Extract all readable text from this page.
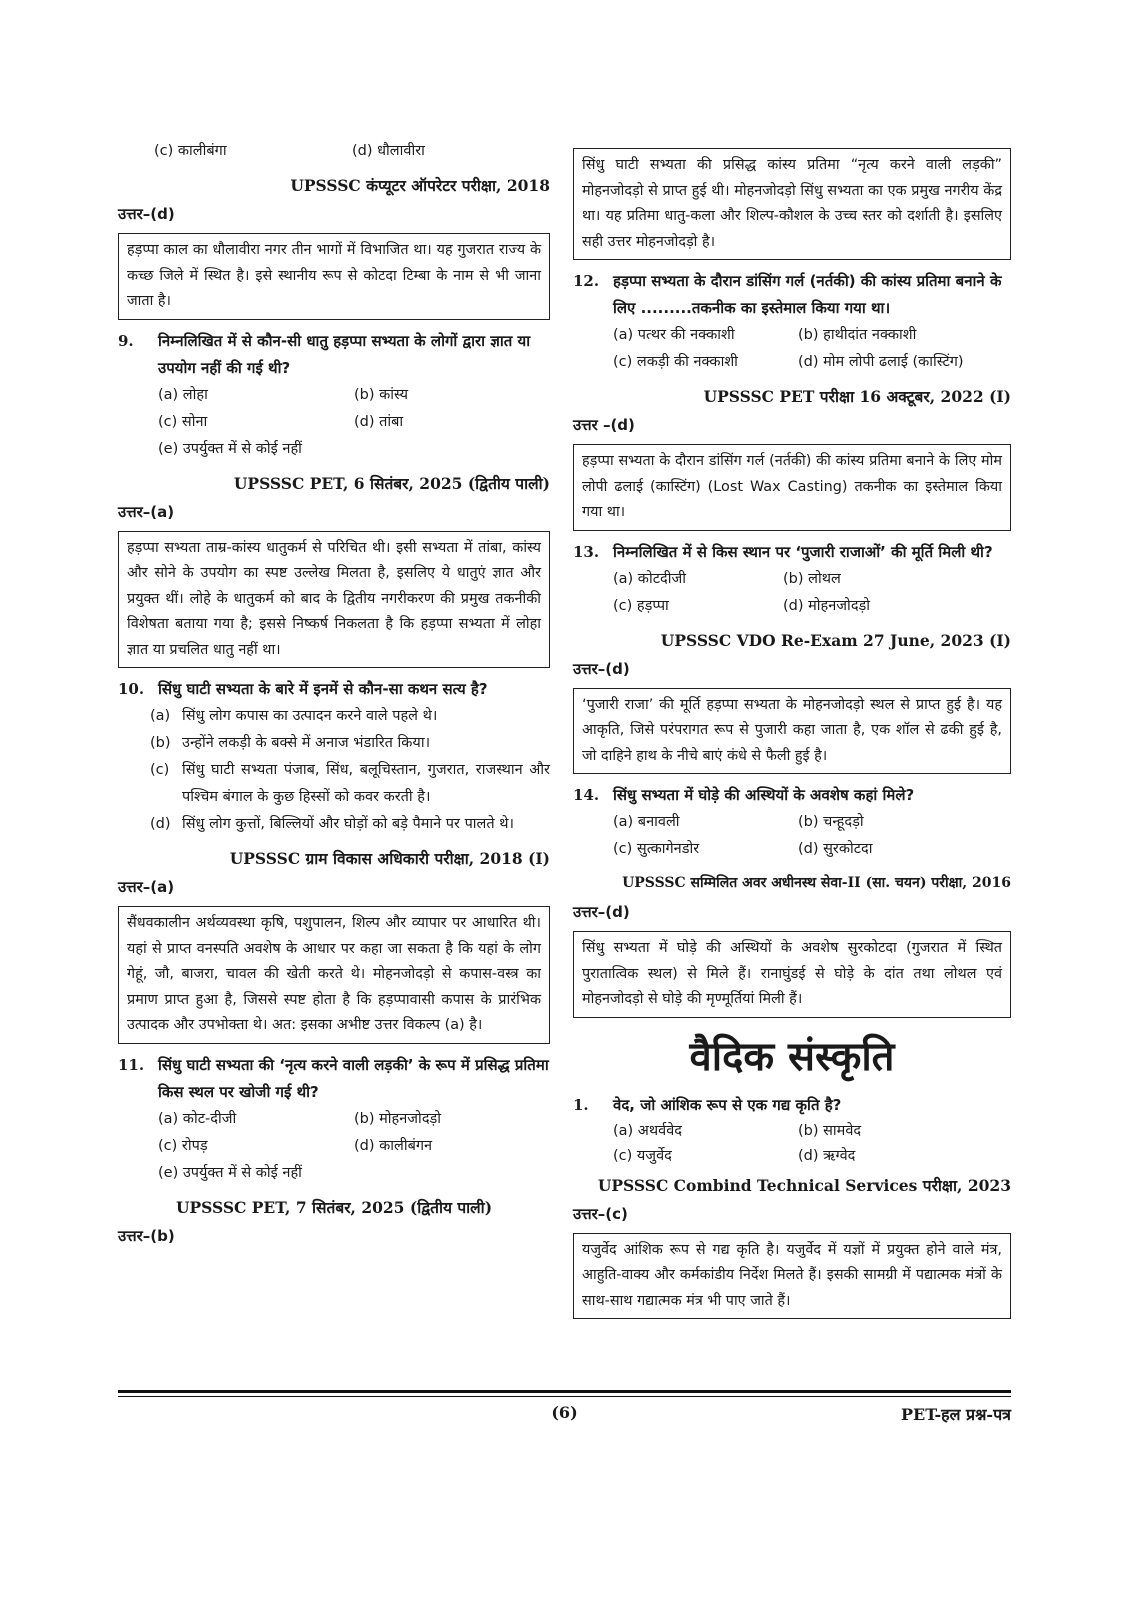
(c) कालीबंगा	(d) धौलावीरा
UPSSSC कंप्यूटर ऑपरेटर परीक्षा, 2018
उत्तर–(d)
हड़प्पा काल का धौलावीरा नगर तीन भागों में विभाजित था। यह गुजरात राज्य के कच्छ जिले में स्थित है। इसे स्थानीय रूप से कोटदा टिम्बा के नाम से भी जाना जाता है।
9.	निम्नलिखित में से कौन-सी धातु हड़प्पा सभ्यता के लोगों द्वारा ज्ञात या उपयोग नहीं की गई थी?
(a) लोहा	(b) कांस्य
(c) सोना	(d) तांबा
(e) उपर्युक्त में से कोई नहीं
UPSSSC PET, 6 सितंबर, 2025 (द्वितीय पाली)
उत्तर–(a)
हड़प्पा सभ्यता ताम्र-कांस्य धातुकर्म से परिचित थी। इसी सभ्यता में तांबा, कांस्य और सोने के उपयोग का स्पष्ट उल्लेख मिलता है, इसलिए ये धातुएं ज्ञात और प्रयुक्त थीं। लोहे के धातुकर्म को बाद के द्वितीय नगरीकरण की प्रमुख तकनीकी विशेषता बताया गया है; इससे निष्कर्ष निकलता है कि हड़प्पा सभ्यता में लोहा ज्ञात या प्रचलित धातु नहीं था।
10. सिंधु घाटी सभ्यता के बारे में इनमें से कौन-सा कथन सत्य है?
(a) सिंधु लोग कपास का उत्पादन करने वाले पहले थे।
(b) उन्होंने लकड़ी के बक्से में अनाज भंडारित किया।
(c) सिंधु घाटी सभ्यता पंजाब, सिंध, बलूचिस्तान, गुजरात, राजस्थान और पश्चिम बंगाल के कुछ हिस्सों को कवर करती है।
(d) सिंधु लोग कुत्तों, बिल्लियों और घोड़ों को बड़े पैमाने पर पालते थे।
UPSSSC ग्राम विकास अधिकारी परीक्षा, 2018 (I)
उत्तर–(a)
सैंधवकालीन अर्थव्यवस्था कृषि, पशुपालन, शिल्प और व्यापार पर आधारित थी। यहां से प्राप्त वनस्पति अवशेष के आधार पर कहा जा सकता है कि यहां के लोग गेहूं, जौ, बाजरा, चावल की खेती करते थे। मोहनजोदड़ो से कपास-वस्त्र का प्रमाण प्राप्त हुआ है, जिससे स्पष्ट होता है कि हड़प्पावासी कपास के प्रारंभिक उत्पादक और उपभोक्ता थे। अत: इसका अभीष्ट उत्तर विकल्प (a) है।
11. सिंधु घाटी सभ्यता की ‘नृत्य करने वाली लड़की’ के रूप में प्रसिद्ध प्रतिमा किस स्थल पर खोजी गई थी?
(a) कोट-दीजी	(b) मोहनजोदड़ो
(c) रोपड़	(d) कालीबंगन
(e) उपर्युक्त में से कोई नहीं
UPSSSC PET, 7 सितंबर, 2025 (द्वितीय पाली)
उत्तर–(b)
सिंधु घाटी सभ्यता की प्रसिद्ध कांस्य प्रतिमा “नृत्य करने वाली लड़की” मोहनजोदड़ो से प्राप्त हुई थी। मोहनजोदड़ो सिंधु सभ्यता का एक प्रमुख नगरीय केंद्र था। यह प्रतिमा धातु-कला और शिल्प-कौशल के उच्च स्तर को दर्शाती है। इसलिए सही उत्तर मोहनजोदड़ो है।
12. हड़प्पा सभ्यता के दौरान डांसिंग गर्ल (नर्तकी) की कांस्य प्रतिमा बनाने के लिए .........तकनीक का इस्तेमाल किया गया था।
(a) पत्थर की नक्काशी	(b) हाथीदांत नक्काशी
(c) लकड़ी की नक्काशी	(d) मोम लोपी ढलाई (कास्टिंग)
UPSSSC PET परीक्षा 16 अक्टूबर, 2022 (I)
उत्तर –(d)
हड़प्पा सभ्यता के दौरान डांसिंग गर्ल (नर्तकी) की कांस्य प्रतिमा बनाने के लिए मोम लोपी ढलाई (कास्टिंग) (Lost Wax Casting) तकनीक का इस्तेमाल किया गया था।
13. निम्नलिखित में से किस स्थान पर ‘पुजारी राजाओं’ की मूर्ति मिली थी?
(a) कोटदीजी	(b) लोथल
(c) हड़प्पा	(d) मोहनजोदड़ो
UPSSSC VDO Re-Exam 27 June, 2023 (I)
उत्तर–(d)
‘पुजारी राजा’ की मूर्ति हड़प्पा सभ्यता के मोहनजोदड़ो स्थल से प्राप्त हुई है। यह आकृति, जिसे परंपरागत रूप से पुजारी कहा जाता है, एक शॉल से ढकी हुई है, जो दाहिने हाथ के नीचे बाएं कंधे से फैली हुई है।
14. सिंधु सभ्यता में घोड़े की अस्थियों के अवशेष कहां मिले?
(a) बनावली	(b) चन्हूदड़ो
(c) सुत्कागेनडोर	(d) सुरकोटदा
UPSSSC सम्मिलित अवर अधीनस्थ सेवा-II (सा. चयन) परीक्षा, 2016
उत्तर–(d)
सिंधु सभ्यता में घोड़े की अस्थियों के अवशेष सुरकोटदा (गुजरात में स्थित पुरातात्विक स्थल) से मिले हैं। रानाघुंडई से घोड़े के दांत तथा लोथल एवं मोहनजोदड़ो से घोड़े की मृण्मूर्तियां मिली हैं।
वैदिक संस्कृति
1.	वेद, जो आंशिक रूप से एक गद्य कृति है?
(a) अथर्ववेद	(b) सामवेद
(c) यजुर्वेद	(d) ऋग्वेद
UPSSSC Combind Technical Services परीक्षा, 2023
उत्तर–(c)
यजुर्वेद आंशिक रूप से गद्य कृति है। यजुर्वेद में यज्ञों में प्रयुक्त होने वाले मंत्र, आहुति-वाक्य और कर्मकांडीय निर्देश मिलते हैं। इसकी सामग्री में पद्यात्मक मंत्रों के साथ-साथ गद्यात्मक मंत्र भी पाए जाते हैं।
(6)	PET-हल प्रश्न-पत्र
